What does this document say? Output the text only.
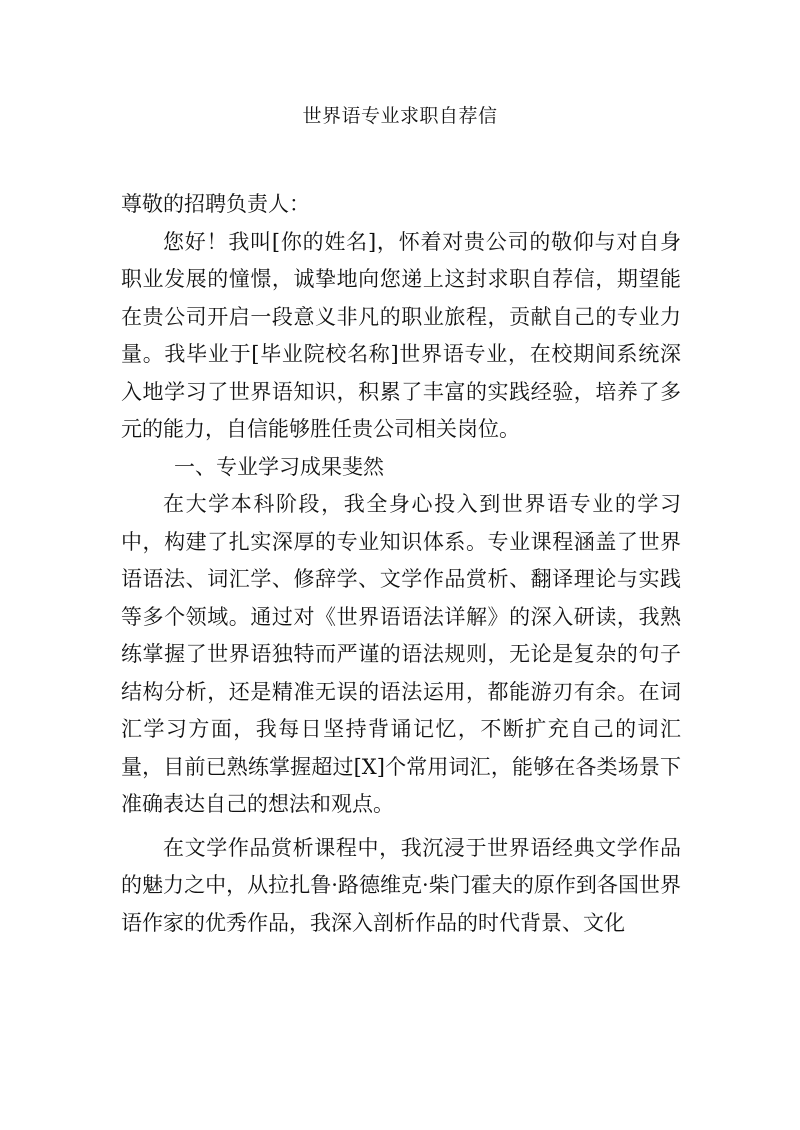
世界语专业求职自荐信

尊敬的招聘负责人：

您好！我叫[你的姓名]，怀着对贵公司的敬仰与对自身职业发展的憧憬，诚挚地向您递上这封求职自荐信，期望能在贵公司开启一段意义非凡的职业旅程，贡献自己的专业力量。我毕业于[毕业院校名称]世界语专业，在校期间系统深入地学习了世界语知识，积累了丰富的实践经验，培养了多元的能力，自信能够胜任贵公司相关岗位。

一、专业学习成果斐然

在大学本科阶段，我全身心投入到世界语专业的学习中，构建了扎实深厚的专业知识体系。专业课程涵盖了世界语语法、词汇学、修辞学、文学作品赏析、翻译理论与实践等多个领域。通过对《世界语语法详解》的深入研读，我熟练掌握了世界语独特而严谨的语法规则，无论是复杂的句子结构分析，还是精准无误的语法运用，都能游刃有余。在词汇学习方面，我每日坚持背诵记忆，不断扩充自己的词汇量，目前已熟练掌握超过[X]个常用词汇，能够在各类场景下准确表达自己的想法和观点。

在文学作品赏析课程中，我沉浸于世界语经典文学作品的魅力之中，从拉扎鲁·路德维克·柴门霍夫的原作到各国世界语作家的优秀作品，我深入剖析作品的时代背景、文化
